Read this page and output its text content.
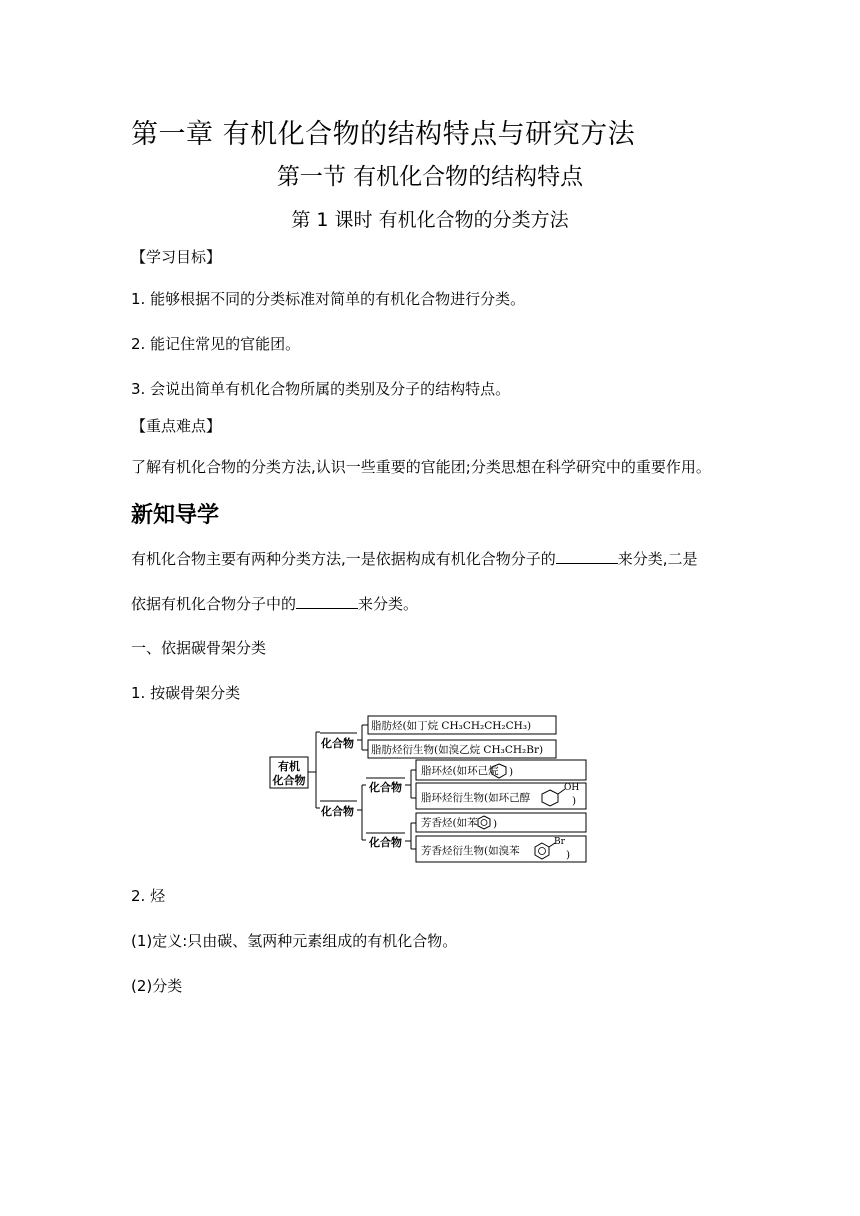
第一章 有机化合物的结构特点与研究方法
第一节 有机化合物的结构特点
第 1 课时 有机化合物的分类方法
【学习目标】
1. 能够根据不同的分类标准对简单的有机化合物进行分类。
2. 能记住常见的官能团。
3. 会说出简单有机化合物所属的类别及分子的结构特点。
【重点难点】
了解有机化合物的分类方法,认识一些重要的官能团;分类思想在科学研究中的重要作用。
新知导学
有机化合物主要有两种分类方法,一是依据构成有机化合物分子的	来分类,二是
依据有机化合物分子中的	来分类。
一、依据碳骨架分类
1. 按碳骨架分类
有机
化合物
化合物
化合物
化合物
化合物
脂肪烃(如丁烷 CH₃CH₂CH₂CH₃)
脂肪烃衍生物(如溴乙烷 CH₃CH₂Br)
脂环烃(如环己烷 )
脂环烃衍生物(如环己醇
OH
)
芳香烃(如苯 )
芳香烃衍生物(如溴苯
Br
)
2. 烃
(1)定义:只由碳、氢两种元素组成的有机化合物。
(2)分类
